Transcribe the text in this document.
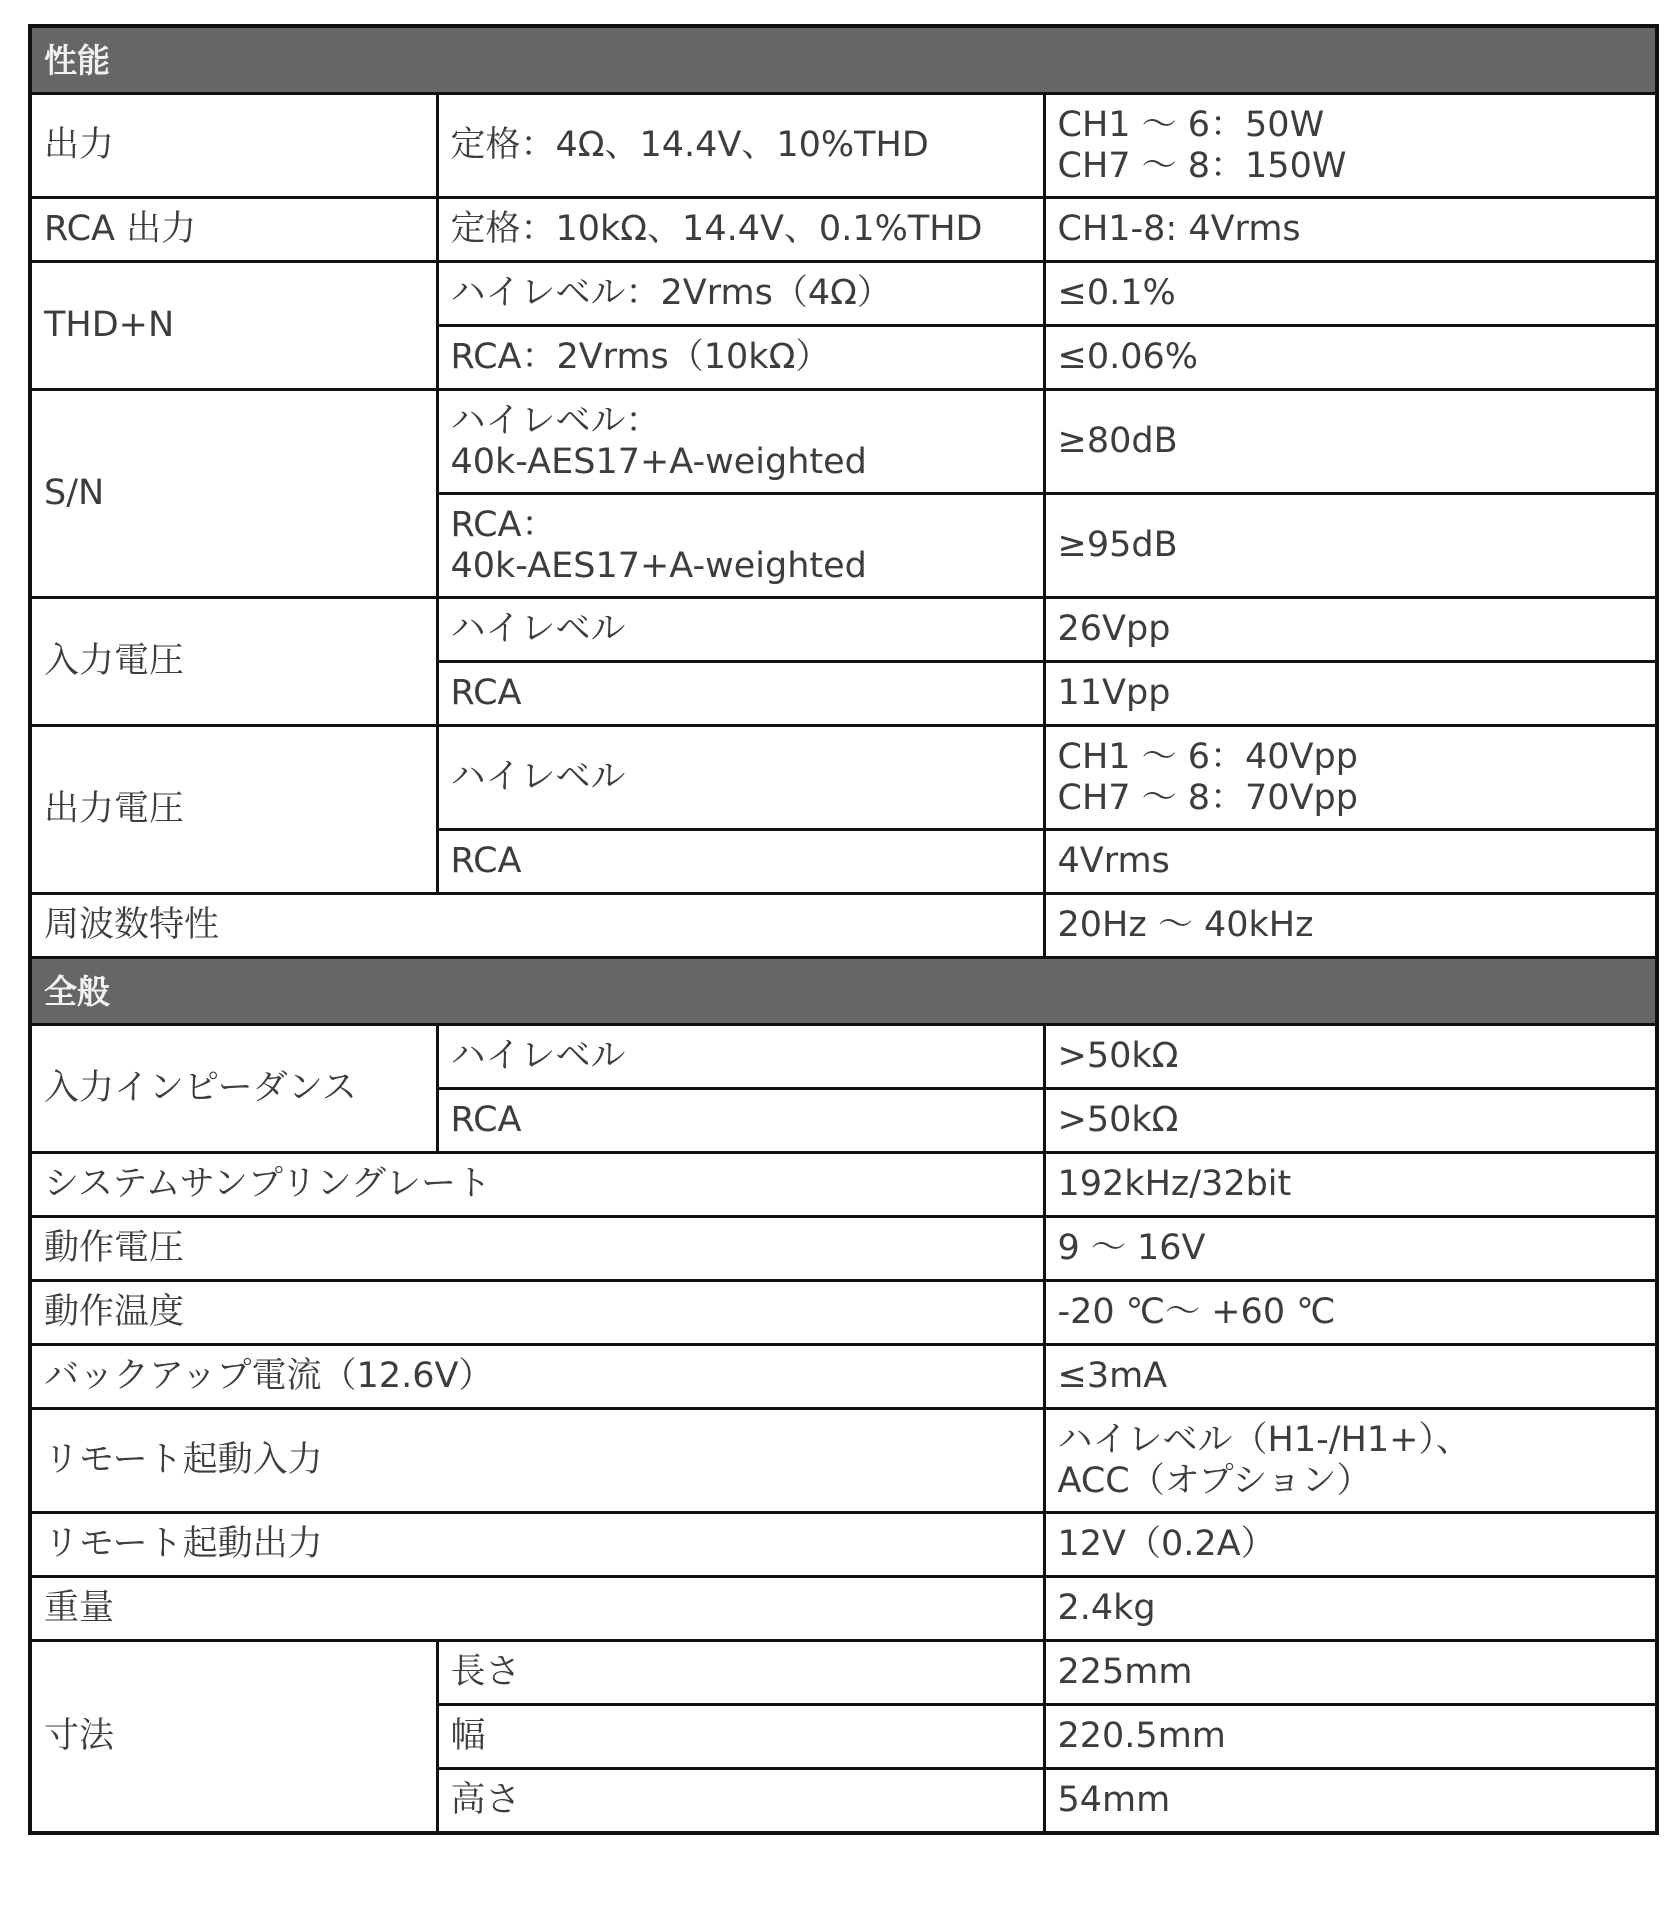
性能		
出力	定格：4Ω、14.4V、10%THD	CH1 ～ 6：50W
CH7 ～ 8：150W

RCA 出力	定格：10kΩ、14.4V、0.1%THD	CH1-8: 4Vrms
THD+N	ハイレベル：2Vrms（4Ω）	≤0.1%
	RCA：2Vrms（10kΩ）	≤0.06%
S/N	ハイレベル：
40k-AES17+A-weighted	≥80dB

	RCA：
40k-AES17+A-weighted	≥95dB
入力電圧	ハイレベル	26Vpp
	RCA	11Vpp
出力電圧	ハイレベル	CH1 ～ 6：40Vpp
CH7 ～ 8：70Vpp

	RCA	4Vrms
周波数特性		20Hz ～ 40kHz
全般		
入力インピーダンス	ハイレベル	>50kΩ
	RCA	>50kΩ
システムサンプリングレート		192kHz/32bit
動作電圧		9 ～ 16V
動作温度		-20 ℃～ +60 ℃
バックアップ電流（12.6V）		≤3mA
リモート起動入力		ハイレベル（H1-/H1+）、
ACC（オプション）

リモート起動出力		12V（0.2A）
重量		2.4kg
寸法	長さ	225mm
	幅	220.5mm
	高さ	54mm
